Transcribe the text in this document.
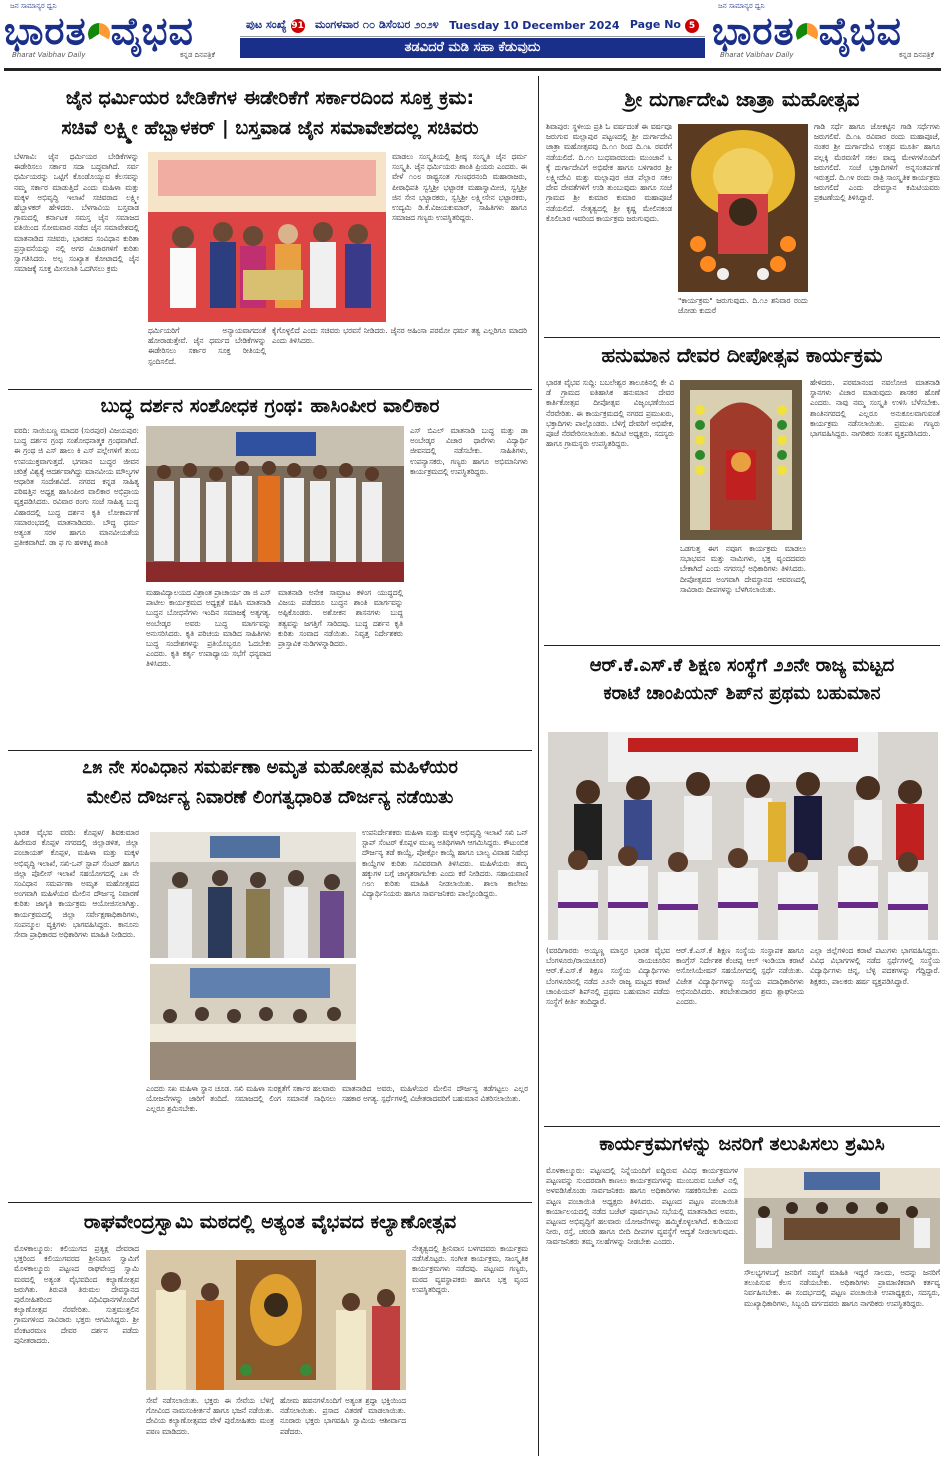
ಜನ ಸಾಮಾನ್ಯರ ಧ್ವನಿ
ಭಾರತ ವೈಭವ
Bharat Vaibhav Daily	ಕನ್ನಡ ದಿನಪತ್ರಿಕೆ
ಪುಟ ಸಂಖ್ಯೆ 91 ಮಂಗಳವಾರ ೧೦ ಡಿಸೆಂಬರ ೨೦೨೪ Tuesday 10 December 2024 Page No 5
ತಡವಿದರೆ ಮಡಿ ಸಹಾ ಕೆಡುವುದು
ಜನ ಸಾಮಾನ್ಯರ ಧ್ವನಿ
ಭಾರತ ವೈಭವ
Bharat Vaibhav Daily	ಕನ್ನಡ ದಿನಪತ್ರಿಕೆ
ಜೈನ ಧರ್ಮಿಯರ ಬೇಡಿಕೆಗಳ ಈಡೇರಿಕೆಗೆ ಸರ್ಕಾರದಿಂದ ಸೂಕ್ತ ಕ್ರಮ:
ಸಚಿವೆ ಲಕ್ಷ್ಮೀ ಹೆಬ್ಬಾಳಕರ್ | ಬಸ್ತವಾಡ ಜೈನ ಸಮಾವೇಶದಲ್ಲ ಸಚಿವರು
ಬೆಳಗಾವಿ: ಜೈನ ಧರ್ಮಿಯರ ಬೇಡಿಕೆಗಳನ್ನು ಈಡೇರಿಸಲು ಸರ್ಕಾರ ಸದಾ ಬದ್ಧವಾಗಿದೆ. ಸರ್ವ ಧರ್ಮಿಯರನ್ನು ಒಟ್ಟಿಗೆ ಕೊಂಡೊಯ್ಯುವ ಕೆಲಸವನ್ನು ನಮ್ಮ ಸರ್ಕಾರ ಮಾಡುತ್ತಿದೆ ಎಂದು ಮಹಿಳಾ ಮತ್ತು ಮಕ್ಕಳ ಅಭಿವೃದ್ಧಿ ಇಲಾಖೆ ಸಚಿವರಾದ ಲಕ್ಷ್ಮೀ ಹೆಬ್ಬಾಳಕರ್ ಹೇಳಿದರು. ಬೆಳಗಾವಿಯ ಬಸ್ತವಾಡ ಗ್ರಾಮದಲ್ಲಿ ಕರ್ನಾಟಕ ಸಮಸ್ತ ಜೈನ ಸಮಾಜದ ವತಿಯಿಂದ ಸೋಮವಾರ ನಡೆದ ಜೈನ ಸಮಾವೇಶದಲ್ಲಿ ಮಾತನಾಡಿದ ಸಚಿವರು, ಭಾರತದ ಸಂವಿಧಾನ ಕುರಿತಾ ಪ್ರಸ್ತಾವನೆಯನ್ನು ನಲ್ಲಿ ಅಗರ ವಿಚಾರಗಳಿಗೆ ಕುರಿತು ಸ್ವಾಗತಿಸಿದರು. ಅಲ್ಪ ಸಂಖ್ಯಾತ ಕೋಟಾದಲ್ಲಿ ಜೈನ ಸಮಾಜಕ್ಕೆ ಸೂಕ್ತ ಮೀಸಲಾತಿ ಒದಗಿಸಲು ಕ್ರಮ
ಮಾಡಲು ಸಂಸ್ಕೃತಿಯಲ್ಲಿ ಶ್ರೀಷ್ಠ ಸಂಸ್ಕೃತಿ ಜೈನ ಧರ್ಮ ಸಂಸ್ಕೃತಿ. ಜೈನ ಧರ್ಮಿಯರು ಶಾಂತಿ ಪ್ರಿಯರು ಎಂದರು. ಈ ವೇಳೆ ೧೦೮ ರಾಷ್ಟ್ರಸಂತ ಗುಣಧರನಂದಿ ಮಹಾರಾಜರು, ಪೀಠಾಧಿಪತಿ ಸ್ವಸ್ತಿಶ್ರೀ ಭಟ್ಟಾರಕ ಮಹಾಸ್ವಾಮೀಜಿ, ಸ್ವಸ್ತಿಶ್ರೀ ಜಿನ ಸೇನ ಭಟ್ಟಾರಕರು, ಸ್ವಸ್ತಿಶ್ರೀ ಲಕ್ಷ್ಮೀಸೇನ ಭಟ್ಟಾರಕರು, ಉದ್ಯಮಿ ಡಿ.ಕೆ.ವಿಜಯಕುಮಾರ್, ಸಾಹಿತಿಗಳು ಹಾಗೂ ಸಮಾಜದ ಗಣ್ಯರು ಉಪಸ್ಥಿತರಿದ್ದರು.
ಧರ್ಮಿಯರಿಗೆ ಅನ್ಯಾಯವಾಗದಂತೆ ಹೋರಾಡುತ್ತೇವೆ. ಜೈನ ಧರ್ಮದ ಬೇಡಿಕೆಗಳನ್ನು ಈಡೇರಿಸಲು ಸರ್ಕಾರ ಸೂಕ್ತ ರೀತಿಯಲ್ಲಿ ಸ್ಪಂದಿಸಲಿದೆ.
ಕೈಗೊಳ್ಳಲಿದೆ ಎಂದು ಸಚಿವರು ಭರವಸೆ ನೀಡಿದರು. ಜೈನರ ಅಹಿಂಸಾ ಪರಮೋ ಧರ್ಮ ತತ್ವ ಎಲ್ಲರಿಗೂ ಮಾದರಿ ಎಂದು ತಿಳಿಸಿದರು.
ಬುದ್ಧ ದರ್ಶನ ಸಂಶೋಧಕ ಗ್ರಂಥ: ಹಾಸಿಂಪೀರ ವಾಲಿಕಾರ
ವರದಿ: ಸಾಯಿಬಣ್ಣ ಮಾದರ (ಸುರಪುರ) ವಿಜಯಪುರ: ಬುದ್ಧ ದರ್ಶನ ಗ್ರಂಥ ಸಂಶೋಧನಾತ್ಮಕ ಗ್ರಂಥವಾಗಿದೆ. ಈ ಗ್ರಂಥ ಜಿ ಎಸ್ ಹಾಲು ಕಿ ಎಸ್ ಪಲ್ಲೇಗಳಿಗೆ ತುಂಬ ಉಪಯುಕ್ತವಾಗುತ್ತದೆ. ಭಗವಾನ ಬುದ್ಧರ ಜೀವನ ಚರಿತ್ರೆ ವಿಶ್ವಕ್ಕೆ ಆದರ್ಶವಾಗಿದ್ದು ಮಾನವೀಯ ಮೌಲ್ಯಗಳ ಆಧಾರಿತ ಸಂದೇಶವಿದೆ. ನಗರದ ಕನ್ನಡ ಸಾಹಿತ್ಯ ಪರಿಷತ್ತಿನ ಅಧ್ಯಕ್ಷ ಹಾಸಿಂಪೀರ ವಾಲಿಕಾರ ಅಭಿಪ್ರಾಯ ವ್ಯಕ್ತಪಡಿಸಿದರು. ರವಿವಾರ ರಂಗು ಸಂಜೆ ಸಾಹಿತ್ಯ ಬುದ್ಧ ವಿಹಾರದಲ್ಲಿ ಬುದ್ಧ ದರ್ಶನ ಕೃತಿ ಲೋಕಾರ್ಪಣೆ ಸಮಾರಂಭದಲ್ಲಿ ಮಾತನಾಡಿದರು. ಬೌದ್ಧ ಧರ್ಮ ಅತ್ಯಂತ ಸರಳ ಹಾಗೂ ಮಾನವೀಯತೆಯ ಪ್ರತೀಕವಾಗಿದೆ. ಡಾ ಫ ಗು ಹಳಕಟ್ಟಿ ಶಾಂತಿ
ಎಸ್ ಬಿಎಲ್ ಮಾತನಾಡಿ ಬುದ್ಧ ಮತ್ತು ಡಾ ಅಂಬೇಡ್ಕರ ವಿಚಾರ ಧಾರೆಗಳು ವಿದ್ಯಾರ್ಥಿ ಜೀವನದಲ್ಲಿ ನಡೆಸಬೇಕು. ಸಾಹಿತಿಗಳು, ಉಪನ್ಯಾಸಕರು, ಗಣ್ಯರು ಹಾಗೂ ಅಭಿಮಾನಿಗಳು ಕಾರ್ಯಕ್ರಮದಲ್ಲಿ ಉಪಸ್ಥಿತರಿದ್ದರು.
ಮಹಾವಿದ್ಯಾಲಯದ ವಿಶ್ರಾಂತ ಪ್ರಾಚಾರ್ಯ ಡಾ ಜಿ ಎಸ್ ಪಾಟೀಲ ಕಾರ್ಯಕ್ರಮದ ಅಧ್ಯಕ್ಷತೆ ವಹಿಸಿ ಮಾತನಾಡಿ ಬುದ್ಧನ ಬೋಧನೆಗಳು ಇಂದಿನ ಸಮಾಜಕ್ಕೆ ಅತ್ಯಗತ್ಯ. ಅಂಬೇಡ್ಕರ ಅವರು ಬುದ್ಧ ಮಾರ್ಗವನ್ನು ಅನುಸರಿಸಿದರು. ಕೃತಿ ಪರಿಚಯ ಮಾಡಿದ ಸಾಹಿತಿಗಳು ಬುದ್ಧ ಸಂದೇಶಗಳನ್ನು ಪ್ರತಿಯೊಬ್ಬರೂ ಓದಬೇಕು ಎಂದರು. ಕೃತಿ ಕರ್ತೃ ಉಪಾಧ್ಯಾಯ ಸಭೆಗೆ ಧನ್ಯವಾದ ತಿಳಿಸಿದರು.
ಮಾತನಾಡಿ ಅನೇಕ ಸಾಮ್ರಾಟ ಕಳಿಂಗ ಯುದ್ಧದಲ್ಲಿ ವಿಜಯ ಪಡೆದರೂ ಬುದ್ಧನ ಶಾಂತಿ ಮಾರ್ಗವನ್ನು ಅಪ್ಪಿಕೊಂಡರು. ಅಶೋಕನ ಶಾಸನಗಳು ಬುದ್ಧ ತತ್ವವನ್ನು ಜಗತ್ತಿಗೆ ಸಾರಿದವು. ಬುದ್ಧ ದರ್ಶನ ಕೃತಿ ಕುರಿತು ಸಂವಾದ ನಡೆಯಿತು. ನಿವೃತ್ತ ನಿರ್ದೇಶಕರು ಪ್ರಾಸ್ತಾವಿಕ ನುಡಿಗಳನ್ನಾಡಿದರು.
೭೫ ನೇ ಸಂವಿಧಾನ ಸಮರ್ಪಣಾ ಅಮೃತ ಮಹೋತ್ಸವ ಮಹಿಳೆಯರ
ಮೇಲಿನ ದೌರ್ಜನ್ಯ ನಿವಾರಣೆ ಲಿಂಗತ್ವಧಾರಿತ ದೌರ್ಜನ್ಯ ನಡೆಯಿತು
ಭಾರತ ವೈಭವ ವರದಿ: ಕೊಪ್ಪಳ/ ಶಿವಕುಮಾರ ಹಿರೇಮಠ ಕೊಪ್ಪಳ ನಗರದಲ್ಲಿ ಜಿಲ್ಲಾಡಳಿತ, ಜಿಲ್ಲಾ ಪಂಚಾಯತ್ ಕೊಪ್ಪಳ, ಮಹಿಳಾ ಮತ್ತು ಮಕ್ಕಳ ಅಭಿವೃದ್ಧಿ ಇಲಾಖೆ, ಸಖಿ-ಒನ್ ಸ್ಟಾಪ್ ಸೆಂಟರ್ ಹಾಗೂ ಜಿಲ್ಲಾ ಪೊಲೀಸ್ ಇಲಾಖೆ ಸಹಯೋಗದಲ್ಲಿ ೭೫ ನೇ ಸಂವಿಧಾನ ಸಮರ್ಪಣಾ ಅಮೃತ ಮಹೋತ್ಸವದ ಅಂಗವಾಗಿ ಮಹಿಳೆಯರ ಮೇಲಿನ ದೌರ್ಜನ್ಯ ನಿವಾರಣೆ ಕುರಿತು ಜಾಗೃತಿ ಕಾರ್ಯಕ್ರಮ ಆಯೋಜಿಸಲಾಗಿತ್ತು. ಕಾರ್ಯಕ್ರಮದಲ್ಲಿ ಜಿಲ್ಲಾ ಸರ್ವೇಕ್ಷಣಾಧಿಕಾರಿಗಳು, ಸಂಪನ್ಮೂಲ ವ್ಯಕ್ತಿಗಳು ಭಾಗವಹಿಸಿದ್ದರು. ಕಾನೂನು ಸೇವಾ ಪ್ರಾಧಿಕಾರದ ಅಧಿಕಾರಿಗಳು ಮಾಹಿತಿ ನೀಡಿದರು.
ಉಪನಿರ್ದೇಶಕರು ಮಹಿಳಾ ಮತ್ತು ಮಕ್ಕಳ ಅಭಿವೃದ್ಧಿ ಇಲಾಖೆ ಸಖಿ ಒನ್ ಸ್ಟಾಪ್ ಸೆಂಟರ್ ಕೊಪ್ಪಳ ಮುಖ್ಯ ಅತಿಥಿಗಳಾಗಿ ಆಗಮಿಸಿದ್ದರು. ಕೌಟುಂಬಿಕ ದೌರ್ಜನ್ಯ ತಡೆ ಕಾಯ್ದೆ, ಪೋಕ್ಸೋ ಕಾಯ್ದೆ ಹಾಗೂ ಬಾಲ್ಯ ವಿವಾಹ ನಿಷೇಧ ಕಾಯ್ದೆಗಳ ಕುರಿತು ಸವಿವರವಾಗಿ ತಿಳಿಸಿದರು. ಮಹಿಳೆಯರು ತಮ್ಮ ಹಕ್ಕುಗಳ ಬಗ್ಗೆ ಜಾಗೃತರಾಗಬೇಕು ಎಂದು ಕರೆ ನೀಡಿದರು. ಸಹಾಯವಾಣಿ ೧೮೧ ಕುರಿತು ಮಾಹಿತಿ ನೀಡಲಾಯಿತು. ಶಾಲಾ ಕಾಲೇಜು ವಿದ್ಯಾರ್ಥಿನಿಯರು ಹಾಗೂ ಸಾರ್ವಜನಿಕರು ಪಾಲ್ಗೊಂಡಿದ್ದರು.
ಎಂದರು ಸಖ ಮಹಿಳಾ ಸ್ಥಾನ ಚೂಡ. ಸಖಿ ಮಹಿಳಾ ಸುರಕ್ಷತೆಗೆ ಸರ್ಕಾರ ಹಲವಾರು ಯೋಜನೆಗಳನ್ನು ಜಾರಿಗೆ ತಂದಿದೆ. ಸಮಾಜದಲ್ಲಿ ಲಿಂಗ ಸಮಾನತೆ ಸಾಧಿಸಲು ಎಲ್ಲರೂ ಶ್ರಮಿಸಬೇಕು.
ಮಾತನಾಡಿದ ಅವರು, ಮಹಿಳೆಯರ ಮೇಲಿನ ದೌರ್ಜನ್ಯ ತಡೆಗಟ್ಟಲು ಎಲ್ಲರ ಸಹಕಾರ ಅಗತ್ಯ. ಸ್ಪರ್ಧೆಗಳಲ್ಲಿ ವಿಜೇತರಾದವರಿಗೆ ಬಹುಮಾನ ವಿತರಿಸಲಾಯಿತು.
ರಾಘವೇಂದ್ರಸ್ವಾಮಿ ಮಠದಲ್ಲಿ ಅತ್ಯಂತ ವೈಭವದ ಕಲ್ಯಾಣೋತ್ಸವ
ಮೊಳಕಾಲ್ಮೂರು: ಕಲಿಯುಗದ ಪ್ರತ್ಯಕ್ಷ ದೇವರಾದ ಭಕ್ತರಿಂದ ಕಲಿಯುಗವರದ ಶ್ರೀನಿವಾಸ ಸ್ವಾಮಿಗೆ ಮೊಳಕಾಲ್ಮೂರು ಪಟ್ಟಣದ ರಾಘವೇಂದ್ರ ಸ್ವಾಮಿ ಮಠದಲ್ಲಿ ಅತ್ಯಂತ ವೈಭವದಿಂದ ಕಲ್ಯಾಣೋತ್ಸವ ಜರುಗಿತು. ತಿರುಪತಿ ತಿರುಮಲ ದೇವಸ್ಥಾನದ ಪುರೋಹಿತರಿಂದ ವಿಧಿವಿಧಾನಗಳೊಂದಿಗೆ ಕಲ್ಯಾಣೋತ್ಸವ ನೆರವೇರಿತು. ಸುತ್ತಮುತ್ತಲಿನ ಗ್ರಾಮಗಳಿಂದ ಸಾವಿರಾರು ಭಕ್ತರು ಆಗಮಿಸಿದ್ದರು. ಶ್ರೀ ವೆಂಕಟರಮಣ ದೇವರ ದರ್ಶನ ಪಡೆದು ಪುನೀತರಾದರು.
ನೇತೃತ್ವದಲ್ಲಿ ಶ್ರೀನಿವಾಸ ಬಳಗದವರು ಕಾರ್ಯಕ್ರಮ ನಡೆಸಿಕೊಟ್ಟರು. ಸಂಗೀತ ಕಾರ್ಯಕ್ರಮ, ಸಾಂಸ್ಕೃತಿಕ ಕಾರ್ಯಕ್ರಮಗಳು ನಡೆದವು. ಪಟ್ಟಣದ ಗಣ್ಯರು, ಮಠದ ವ್ಯವಸ್ಥಾಪಕರು ಹಾಗೂ ಭಕ್ತ ವೃಂದ ಉಪಸ್ಥಿತರಿದ್ದರು.
ಸೇವೆ ನಡೆಸಲಾಯಿತು. ಭಕ್ತರು ಈ ಸೇವೆಯ ಬೆಳಿಗ್ಗೆ ಗೋವಿಂದ ನಾಮಸಂಕೀರ್ತನೆ ಹಾಗೂ ಭಜನೆ ನಡೆಯಿತು. ದೇವಿಯ ಕಲ್ಯಾಣೋತ್ಸವದ ವೇಳೆ ಪುರೋಹಿತರು ಮಂತ್ರ ಪಠಣ ಮಾಡಿದರು.
ಹೋಮ ಹವನಗಳೊಂದಿಗೆ ಅತ್ಯಂತ ಶ್ರದ್ಧಾ ಭಕ್ತಿಯಿಂದ ನಡೆಸಲಾಯಿತು. ಪ್ರಸಾದ ವಿತರಣೆ ಮಾಡಲಾಯಿತು. ನೂರಾರು ಭಕ್ತರು ಭಾಗವಹಿಸಿ ಸ್ವಾಮಿಯ ಆಶೀರ್ವಾದ ಪಡೆದರು.
ಶ್ರೀ ದುರ್ಗಾದೇವಿ ಜಾತ್ರಾ ಮಹೋತ್ಸವ
ಶಿವಾಪುರ: ಸ್ಥಳೀಯ ಪ್ರತಿ ಓ ವರ್ಷದಂತೆ ಈ ವರ್ಷವೂ ಜರುಗುವ ಮಲ್ಲಾಪುರ ಪಟ್ಟಣದಲ್ಲಿ ಶ್ರೀ ದುರ್ಗಾದೇವಿ ಜಾತ್ರಾ ಮಹೋತ್ಸವವು ದಿ.೧೧ ರಿಂದ ದಿ.೧೩ ರವರೆಗೆ ನಡೆಯಲಿದೆ. ದಿ.೧೧ ಬುಧವಾರದಂದು ಮುಂಜಾನೆ ೬ ಕ್ಕೆ ದುರ್ಗಾದೇವಿಗೆ ಅಭಿಷೇಕ ಹಾಗೂ ಬಳಿಗಾರರ ಶ್ರೀ ಲಕ್ಷ್ಮೀದೇವಿ ಮತ್ತು ಮಲ್ಲಾಪುರ ಜಿಡ ಪೆಲ್ಲಾರ ಸಕಲ ದೇವ ದೇವತೆಗಳಿಗೆ ಉಡಿ ತುಂಬುವುದು ಹಾಗೂ ಸಂಜೆ ಗ್ರಾಮದ ಶ್ರೀ ಕುಮಾರ ಕುಮಾರ ಮಹಾಪೂಜೆ ನಡೆಯಲಿದೆ. ನೇತೃತ್ವದಲ್ಲಿ ಶ್ರೀ ಕೃಷ್ಣ ಮೇಲಿನಕಂಡ ಕೊಲಿಬಾರ ಇವರಿಂದ ಕಾರ್ಯಕ್ರಮ ಜರುಗುವುದು.
"ಕಾರ್ಯಕ್ರಮ" ಜರುಗುವುದು. ದಿ.೧೨ ಶನಿವಾರ ರಂದು ಜೋಡು ಕುದುರೆ
ಗಾಡಿ ಸರ್ಧೆ ಹಾಗೂ ಜೋಕಟ್ಟಿನ ಗಾಡಿ ಸರ್ಧೆಗಳು ಜರುಗಲಿವೆ. ದಿ.೧೩ ರವಿವಾರ ರಂದು ಮಹಾಪೂಜೆ, ನಂತರ ಶ್ರೀ ದುರ್ಗಾದೇವಿ ಉತ್ಸವ ಮೂರ್ತಿ ಹಾಗೂ ಪಲ್ಲಕ್ಕಿ ಮೆರವಣಿಗೆ ಸಕಲ ವಾದ್ಯ ಮೇಳಗಳೊಂದಿಗೆ ಜರುಗಲಿದೆ. ಸಂಜೆ ಭಕ್ತಾದಿಗಳಿಗೆ ಅನ್ನಸಂತರ್ಪಣೆ ಇರುತ್ತದೆ. ದಿ.೧೪ ರಂದು ರಾತ್ರಿ ಸಾಂಸ್ಕೃತಿಕ ಕಾರ್ಯಕ್ರಮ ಜರುಗಲಿದೆ ಎಂದು ದೇವಸ್ಥಾನ ಕಮಿಟಿಯವರು ಪ್ರಕಟಣೆಯಲ್ಲಿ ತಿಳಿಸಿದ್ದಾರೆ.
ಹನುಮಾನ ದೇವರ ದೀಪೋತ್ಸವ ಕಾರ್ಯಕ್ರಮ
ಭಾರತ ವೈಭವ ಸುದ್ದಿ: ಬಬಲೇಶ್ವರ ತಾಲೂಕಿನಲ್ಲಿ ಕೇ ವಿ ಡೆ ಗ್ರಾಮದ ಐತಿಹಾಸಿಕ ಹನುಮಾನ ದೇವರ ಕಾರ್ತಿಕೋತ್ಸವ ದೀಪೋತ್ಸವ ವಿಜೃಂಭಣೆಯಿಂದ ನೆರವೇರಿತು. ಈ ಕಾರ್ಯಕ್ರಮದಲ್ಲಿ ನಗರದ ಪ್ರಮುಖರು, ಭಕ್ತಾದಿಗಳು ಪಾಲ್ಗೊಂಡರು. ಬೆಳಿಗ್ಗೆ ದೇವರಿಗೆ ಅಭಿಷೇಕ, ಪೂಜೆ ನೆರವೇರಿಸಲಾಯಿತು. ಕಮಿಟಿ ಅಧ್ಯಕ್ಷರು, ಸದಸ್ಯರು ಹಾಗೂ ಗ್ರಾಮಸ್ಥರು ಉಪಸ್ಥಿತರಿದ್ದರು.
ಒಡಗುತ್ತ ಈಗ ನವೂಗ ಕಾರ್ಯಕ್ರಮ ಮಾಡಲು ಸಭಾಭವನ ಮತ್ತು ನಾಮಿಗಳು, ಭಕ್ತ ವೃಂದದವರು ಬೇಕಾಗಿದೆ ಎಂದು ನಗರಸಭೆ ಅಧಿಕಾರಿಗಳು ತಿಳಿಸಿದರು. ದೀಪೋತ್ಸವದ ಅಂಗವಾಗಿ ದೇವಸ್ಥಾನದ ಆವರಣದಲ್ಲಿ ಸಾವಿರಾರು ದೀಪಗಳನ್ನು ಬೆಳಗಿಸಲಾಯಿತು.
ಹೇಳಿದರು. ಪರಮಾನಂದ ನವಲೋಜಿ ಮಾತನಾಡಿ ಸ್ಥಾನಗಳು ವಿಚಾರ ಮಾಡುವುದು ಶಾಸಕರ ಹೊಣೆ ಎಂದರು. ನಾವು ನಮ್ಮ ಸಂಸ್ಕೃತಿ ಉಳಿಸಿ ಬೆಳೆಸಬೇಕು. ಶಾಂತಿನಗರದಲ್ಲಿ ಎಲ್ಲರೂ ಅನುಕೂಲವಾಗುವಂತೆ ಕಾರ್ಯಕ್ರಮ ನಡೆಸಲಾಯಿತು. ಪ್ರಮುಖ ಗಣ್ಯರು ಭಾಗವಹಿಸಿದ್ದರು. ನಾಗರಿಕರು ಸಂತಸ ವ್ಯಕ್ತಪಡಿಸಿದರು.
ಆರ್.ಕೆ.ಎಸ್.ಕೆ ಶಿಕ್ಷಣ ಸಂಸ್ಥೆಗೆ ೨೨ನೇ ರಾಜ್ಯ ಮಟ್ಟದ
ಕರಾಟೆ ಚಾಂಪಿಯನ್ ಶಿಪ್‌ನ ಪ್ರಥಮ ಬಹುಮಾನ
(ವರದಿಗಾರರು ಅಯ್ಯಣ್ಣ ಮಾಸ್ತರ ಭಾರತ ವೈಭವ ಬೆಂಗಳೂರು/ರಾಯಚೂರ) ರಾಯಚೂರಿನ ಆರ್.ಕೆ.ಎಸ್.ಕೆ ಶಿಕ್ಷಣ ಸಂಸ್ಥೆಯ ವಿದ್ಯಾರ್ಥಿಗಳು ಬೆಂಗಳೂರಿನಲ್ಲಿ ನಡೆದ ೨೨ನೇ ರಾಜ್ಯ ಮಟ್ಟದ ಕರಾಟೆ ಚಾಂಪಿಯನ್ ಶಿಪ್‌ನಲ್ಲಿ ಪ್ರಥಮ ಬಹುಮಾನ ಪಡೆದು ಸಂಸ್ಥೆಗೆ ಕೀರ್ತಿ ತಂದಿದ್ದಾರೆ.
ಆರ್.ಕೆ.ಎಸ್.ಕೆ ಶಿಕ್ಷಣ ಸಂಸ್ಥೆಯ ಸಂಸ್ಥಾಪಕ ಹಾಗೂ ಕಾಂಗ್ರೆಸ್ ನಿರ್ದೇಶಕ ಕೆಂಚಪ್ಪ ಆಲ್ ಇಂಡಿಯಾ ಕರಾಟೆ ಅಸೋಸಿಯೇಷನ್ ಸಹಯೋಗದಲ್ಲಿ ಸ್ಪರ್ಧೆ ನಡೆಯಿತು. ವಿಜೇತ ವಿದ್ಯಾರ್ಥಿಗಳನ್ನು ಸಂಸ್ಥೆಯ ಪದಾಧಿಕಾರಿಗಳು ಅಭಿನಂದಿಸಿದರು. ತರಬೇತುದಾರರ ಶ್ರಮ ಶ್ಲಾಘನೀಯ ಎಂದರು.
ಎಲ್ಲಾ ಜಿಲ್ಲೆಗಳಿಂದ ಕರಾಟೆ ಪಟುಗಳು ಭಾಗವಹಿಸಿದ್ದರು. ವಿವಿಧ ವಿಭಾಗಗಳಲ್ಲಿ ನಡೆದ ಸ್ಪರ್ಧೆಗಳಲ್ಲಿ ಸಂಸ್ಥೆಯ ವಿದ್ಯಾರ್ಥಿಗಳು ಚಿನ್ನ, ಬೆಳ್ಳಿ ಪದಕಗಳನ್ನು ಗೆದ್ದಿದ್ದಾರೆ. ಶಿಕ್ಷಕರು, ಪಾಲಕರು ಹರ್ಷ ವ್ಯಕ್ತಪಡಿಸಿದ್ದಾರೆ.
ಕಾರ್ಯಕ್ರಮಗಳನ್ನು ಜನರಿಗೆ ತಲುಪಿಸಲು ಶ್ರಮಿಸಿ
ಮೊಳಕಾಲ್ಮೂರು: ಪಟ್ಟಣದಲ್ಲಿ ನಿನ್ನೆಯಂದಿಗೆ ಐದ್ದಿರುವ ವಿವಿಧ ಕಾರ್ಯಕ್ರಮಗಳ ಪಟ್ಟಣವನ್ನು ಸುಂದರವಾಗಿ ಕಾಣಲು ಕಾರ್ಯಕ್ರಮಗಳನ್ನು ಮುಂಬರುವ ಬಜೆಟ್ ನಲ್ಲಿ ಅಳವಡಿಸಿಕೊಂಡು ಸಾರ್ವಜನಿಕರು ಹಾಗೂ ಅಧಿಕಾರಿಗಳು ಸಹಕರಿಸಬೇಕು ಎಂದು ಪಟ್ಟಣ ಪಂಚಾಯಿತಿ ಅಧ್ಯಕ್ಷರು ತಿಳಿಸಿದರು. ಪಟ್ಟಣದ ಪಟ್ಟಣ ಪಂಚಾಯಿತಿ ಕಾರ್ಯಾಲಯದಲ್ಲಿ ನಡೆದ ಬಜೆಟ್ ಪೂರ್ವಭಾವಿ ಸಭೆಯಲ್ಲಿ ಮಾತನಾಡಿದ ಅವರು, ಪಟ್ಟಣದ ಅಭಿವೃದ್ಧಿಗೆ ಹಲವಾರು ಯೋಜನೆಗಳನ್ನು ಹಮ್ಮಿಕೊಳ್ಳಲಾಗಿದೆ. ಕುಡಿಯುವ ನೀರು, ರಸ್ತೆ, ಚರಂಡಿ ಹಾಗೂ ಬೀದಿ ದೀಪಗಳ ವ್ಯವಸ್ಥೆಗೆ ಆದ್ಯತೆ ನೀಡಲಾಗುವುದು. ಸಾರ್ವಜನಿಕರು ತಮ್ಮ ಸಲಹೆಗಳನ್ನು ನೀಡಬೇಕು ಎಂದರು.
ಸೌಲಭ್ಯಗಳಬಗ್ಗೆ ಜನರಿಗೆ ನಮ್ಮಗೆ ಮಾಹಿತಿ ಇದ್ದರೆ ಸಾಲದು, ಅದನ್ನು ಜನರಿಗೆ ತಲುಪಿಸುವ ಕೆಲಸ ನಡೆಯಬೇಕು. ಅಧಿಕಾರಿಗಳು ಪ್ರಾಮಾಣಿಕವಾಗಿ ಕರ್ತವ್ಯ ನಿರ್ವಹಿಸಬೇಕು. ಈ ಸಂದರ್ಭದಲ್ಲಿ ಪಟ್ಟಣ ಪಂಚಾಯಿತಿ ಉಪಾಧ್ಯಕ್ಷರು, ಸದಸ್ಯರು, ಮುಖ್ಯಾಧಿಕಾರಿಗಳು, ಸಿಬ್ಬಂದಿ ವರ್ಗದವರು ಹಾಗೂ ನಾಗರಿಕರು ಉಪಸ್ಥಿತರಿದ್ದರು.
